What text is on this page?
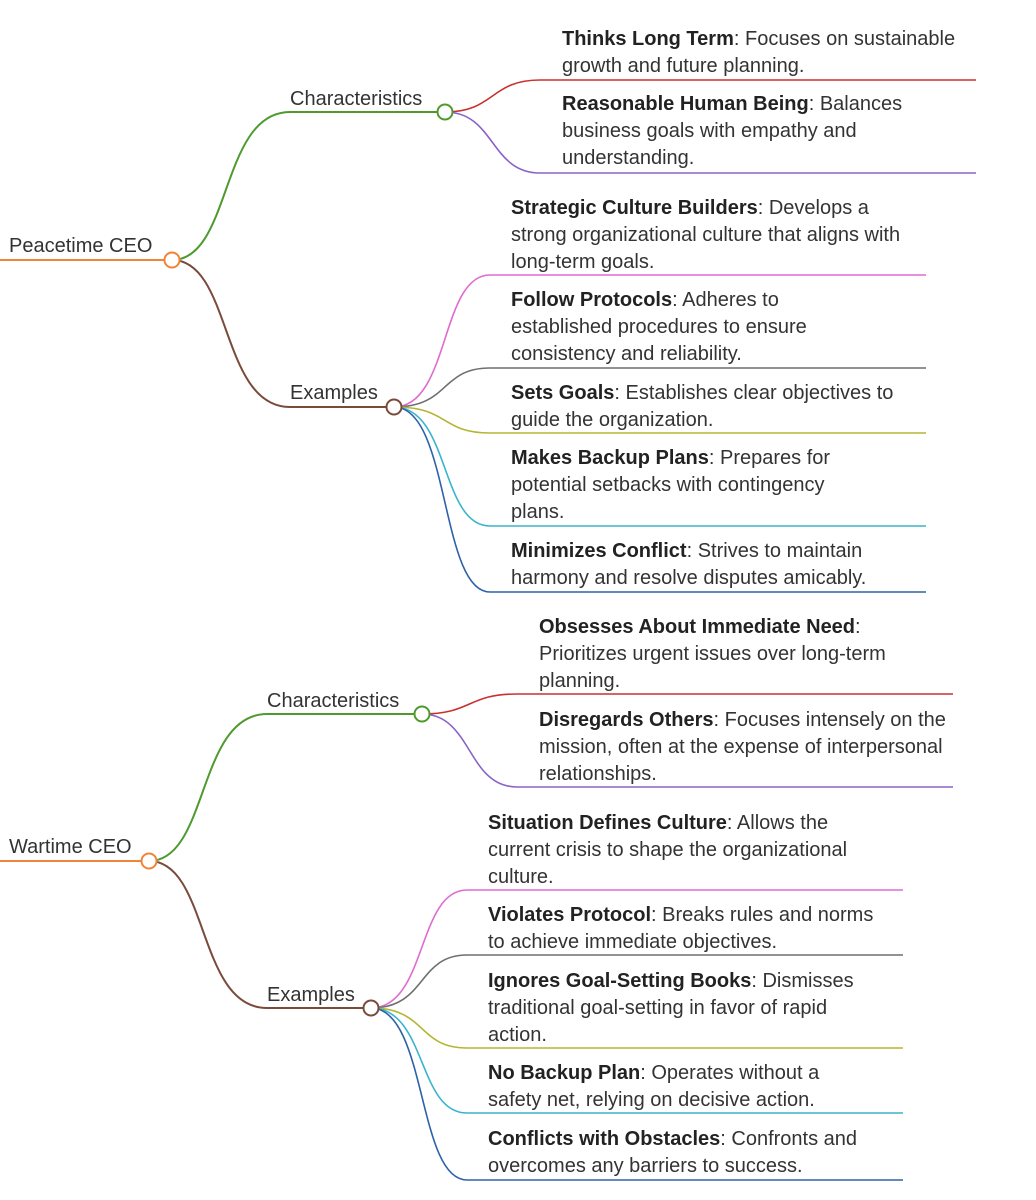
Peacetime CEO
Characteristics
Examples
Thinks Long Term: Focuses on sustainable growth and future planning.
Reasonable Human Being: Balances business goals with empathy and understanding.
Strategic Culture Builders: Develops a strong organizational culture that aligns with long-term goals.
Follow Protocols: Adheres to established procedures to ensure consistency and reliability.
Sets Goals: Establishes clear objectives to guide the organization.
Makes Backup Plans: Prepares for potential setbacks with contingency plans.
Minimizes Conflict: Strives to maintain harmony and resolve disputes amicably.
Wartime CEO
Characteristics
Examples
Obsesses About Immediate Need: Prioritizes urgent issues over long-term planning.
Disregards Others: Focuses intensely on the mission, often at the expense of interpersonal relationships.
Situation Defines Culture: Allows the current crisis to shape the organizational culture.
Violates Protocol: Breaks rules and norms to achieve immediate objectives.
Ignores Goal-Setting Books: Dismisses traditional goal-setting in favor of rapid action.
No Backup Plan: Operates without a safety net, relying on decisive action.
Conflicts with Obstacles: Confronts and overcomes any barriers to success.
